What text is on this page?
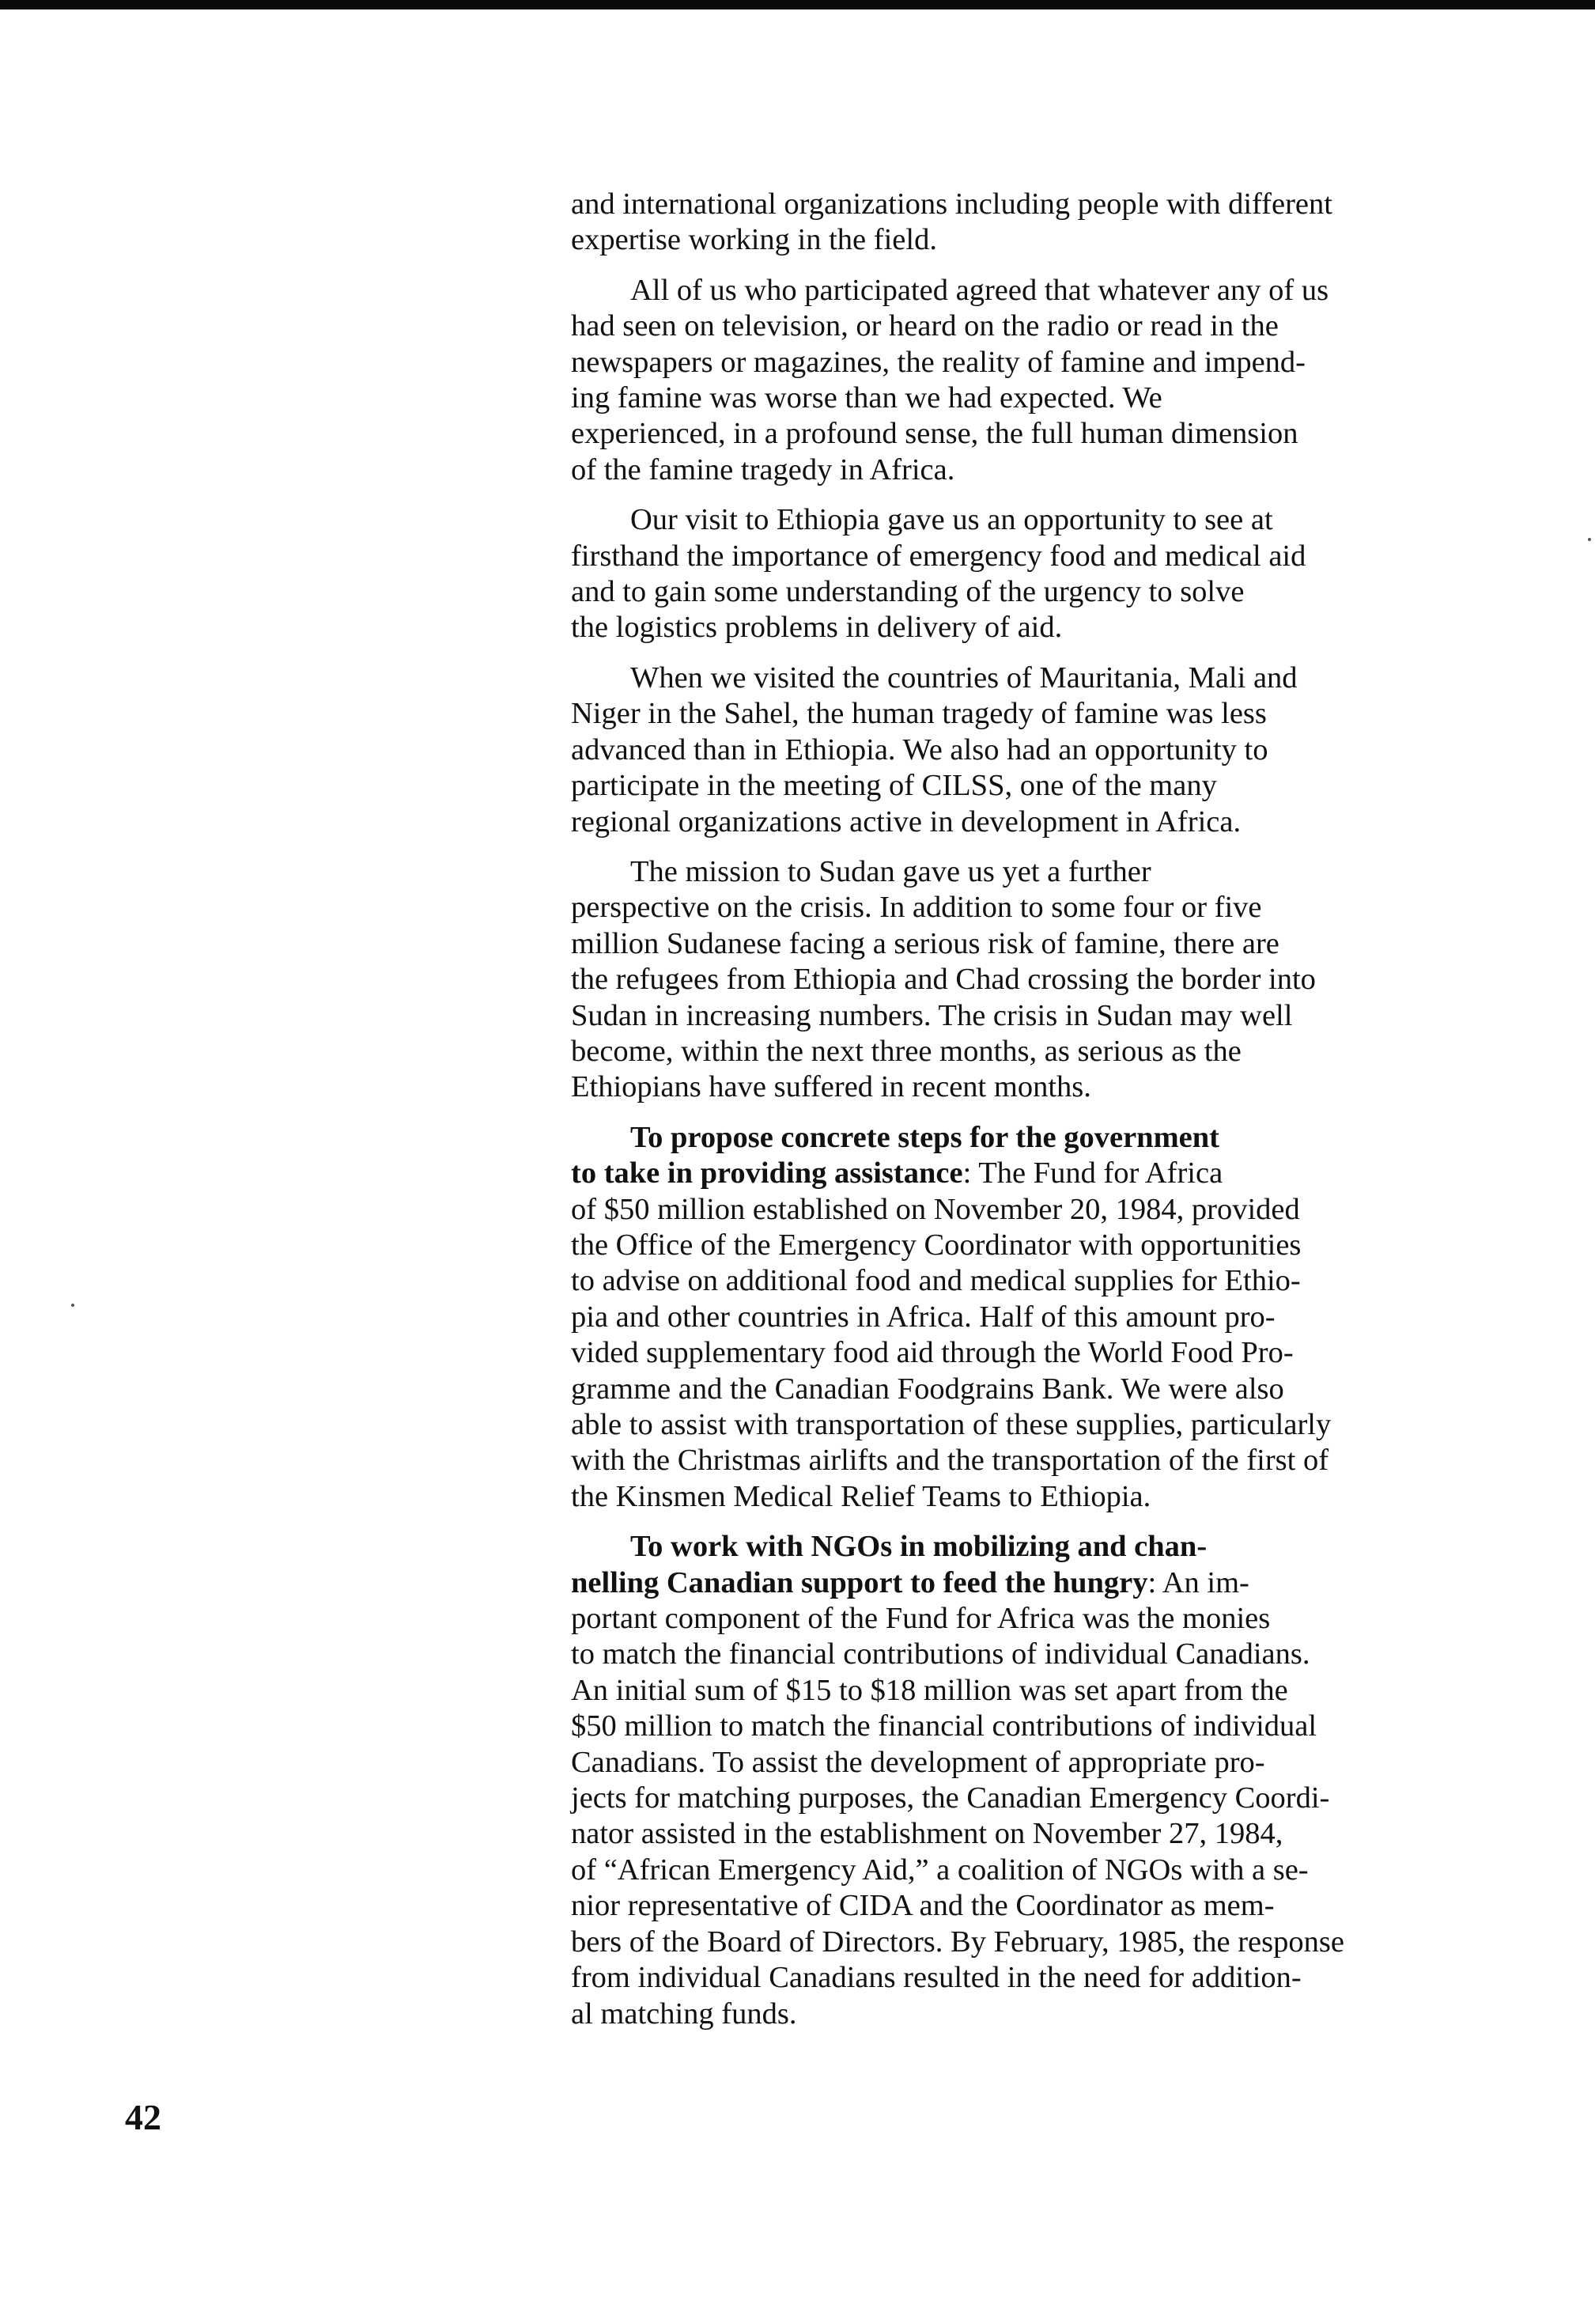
and international organizations including people with different
expertise working in the field.

All of us who participated agreed that whatever any of us
had seen on television, or heard on the radio or read in the
newspapers or magazines, the reality of famine and impend-
ing famine was worse than we had expected. We
experienced, in a profound sense, the full human dimension
of the famine tragedy in Africa.

Our visit to Ethiopia gave us an opportunity to see at
firsthand the importance of emergency food and medical aid
and to gain some understanding of the urgency to solve
the logistics problems in delivery of aid.

When we visited the countries of Mauritania, Mali and
Niger in the Sahel, the human tragedy of famine was less
advanced than in Ethiopia. We also had an opportunity to
participate in the meeting of CILSS, one of the many
regional organizations active in development in Africa.

The mission to Sudan gave us yet a further
perspective on the crisis. In addition to some four or five
million Sudanese facing a serious risk of famine, there are
the refugees from Ethiopia and Chad crossing the border into
Sudan in increasing numbers. The crisis in Sudan may well
become, within the next three months, as serious as the
Ethiopians have suffered in recent months.

To propose concrete steps for the government
to take in providing assistance: The Fund for Africa
of $50 million established on November 20, 1984, provided
the Office of the Emergency Coordinator with opportunities
to advise on additional food and medical supplies for Ethio-
pia and other countries in Africa. Half of this amount pro-
vided supplementary food aid through the World Food Pro-
gramme and the Canadian Foodgrains Bank. We were also
able to assist with transportation of these supplies, particularly
with the Christmas airlifts and the transportation of the first of
the Kinsmen Medical Relief Teams to Ethiopia.

To work with NGOs in mobilizing and chan-
nelling Canadian support to feed the hungry: An im-
portant component of the Fund for Africa was the monies
to match the financial contributions of individual Canadians.
An initial sum of $15 to $18 million was set apart from the
$50 million to match the financial contributions of individual
Canadians. To assist the development of appropriate pro-
jects for matching purposes, the Canadian Emergency Coordi-
nator assisted in the establishment on November 27, 1984,
of “African Emergency Aid,” a coalition of NGOs with a se-
nior representative of CIDA and the Coordinator as mem-
bers of the Board of Directors. By February, 1985, the response
from individual Canadians resulted in the need for addition-
al matching funds.

42
